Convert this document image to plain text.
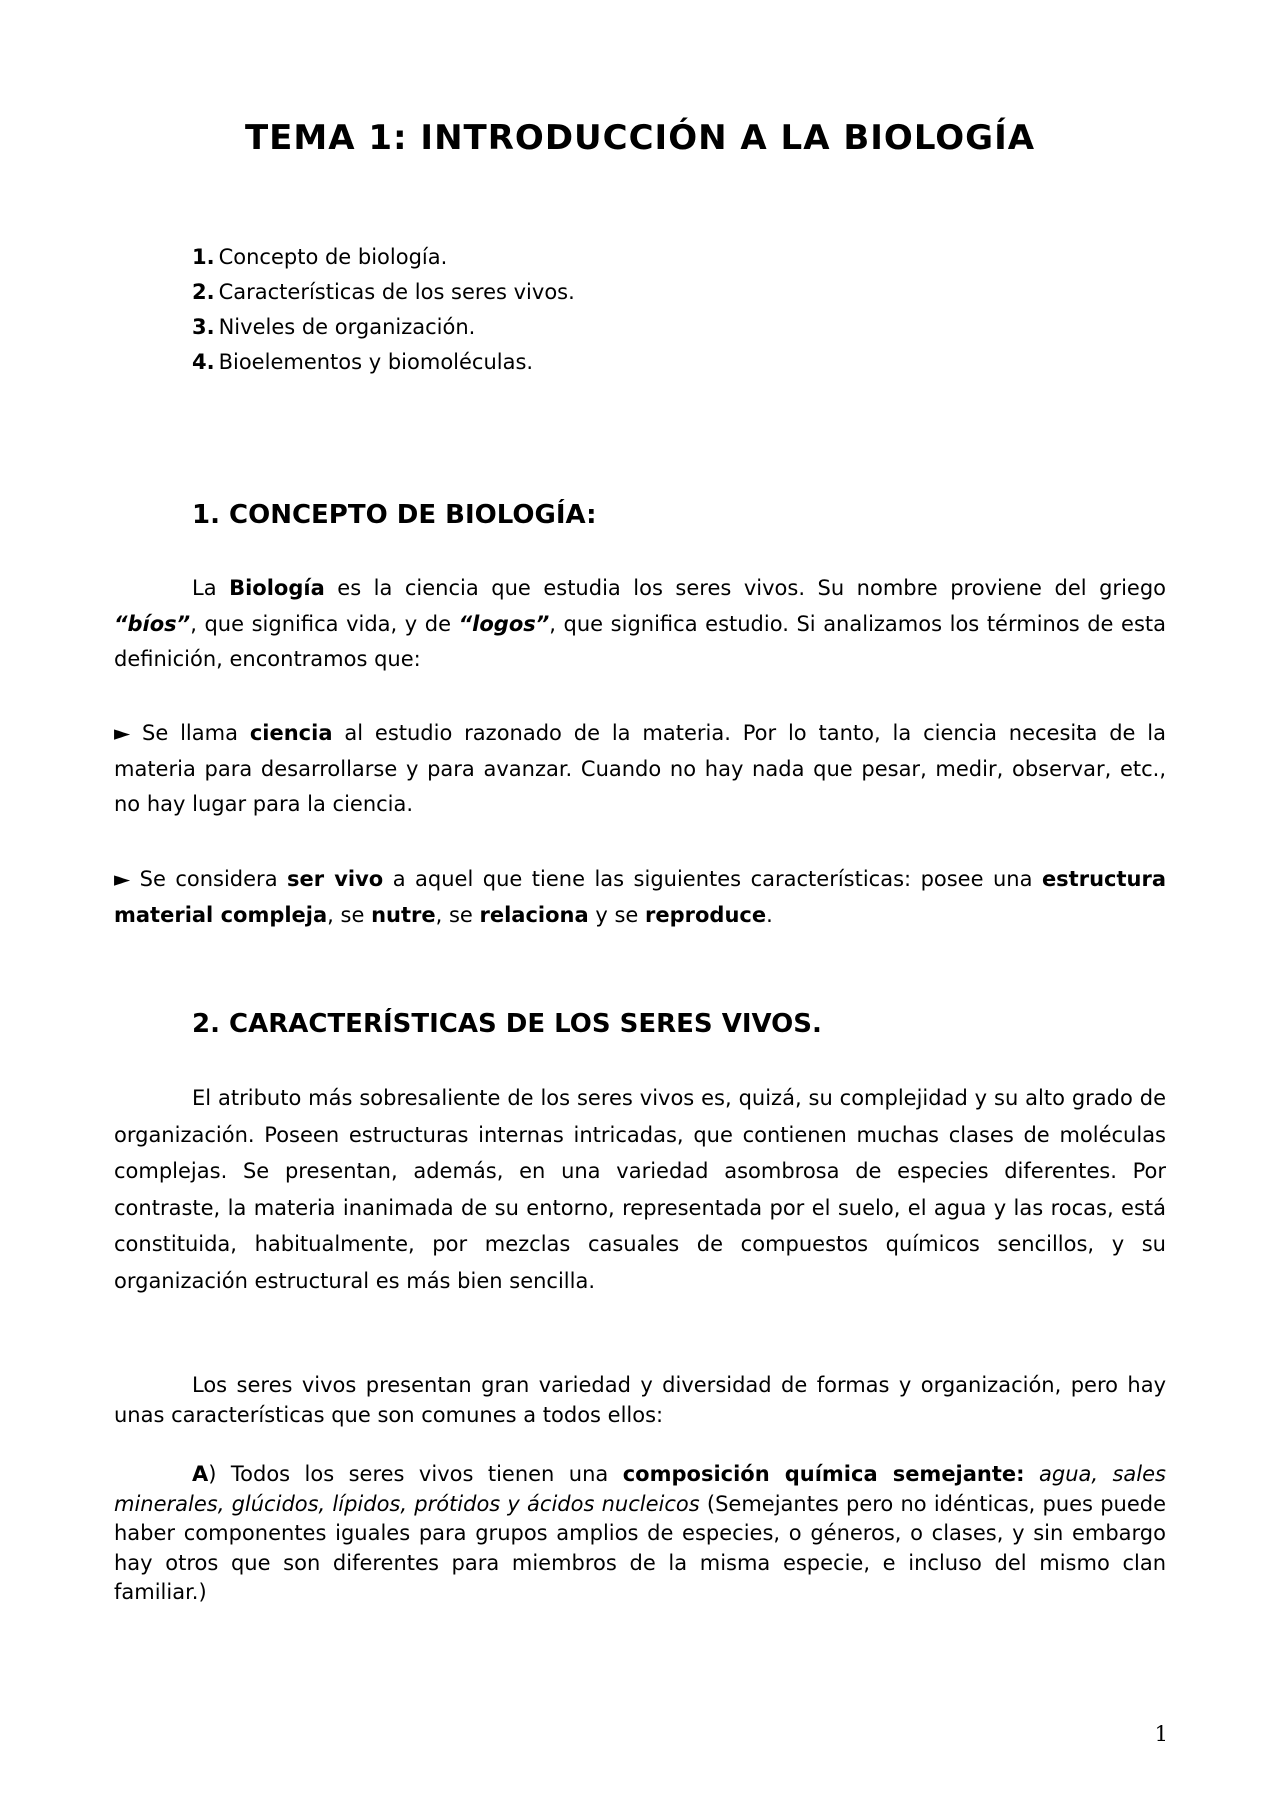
TEMA 1: INTRODUCCIÓN A LA BIOLOGÍA
1. Concepto de biología.
2. Características de los seres vivos.
3. Niveles de organización.
4. Bioelementos y biomoléculas.
1. CONCEPTO DE BIOLOGÍA:

La Biología es la ciencia que estudia los seres vivos. Su nombre proviene del griego “bíos”, que significa vida, y de “logos”, que significa estudio. Si analizamos los términos de esta definición, encontramos que:

► Se llama ciencia al estudio razonado de la materia. Por lo tanto, la ciencia necesita de la materia para desarrollarse y para avanzar. Cuando no hay nada que pesar, medir, observar, etc., no hay lugar para la ciencia.

► Se considera ser vivo a aquel que tiene las siguientes características: posee una estructura material compleja, se nutre, se relaciona y se reproduce.

2. CARACTERÍSTICAS DE LOS SERES VIVOS.

El atributo más sobresaliente de los seres vivos es, quizá, su complejidad y su alto grado de organización. Poseen estructuras internas intricadas, que contienen muchas clases de moléculas complejas. Se presentan, además, en una variedad asombrosa de especies diferentes. Por contraste, la materia inanimada de su entorno, representada por el suelo, el agua y las rocas, está constituida, habitualmente, por mezclas casuales de compuestos químicos sencillos, y su organización estructural es más bien sencilla.

Los seres vivos presentan gran variedad y diversidad de formas y organización, pero hay unas características que son comunes a todos ellos:

A) Todos los seres vivos tienen una composición química semejante: agua, sales minerales, glúcidos, lípidos, prótidos y ácidos nucleicos (Semejantes pero no idénticas, pues puede haber componentes iguales para grupos amplios de especies, o géneros, o clases, y sin embargo hay otros que son diferentes para miembros de la misma especie, e incluso del mismo clan familiar.)

1
